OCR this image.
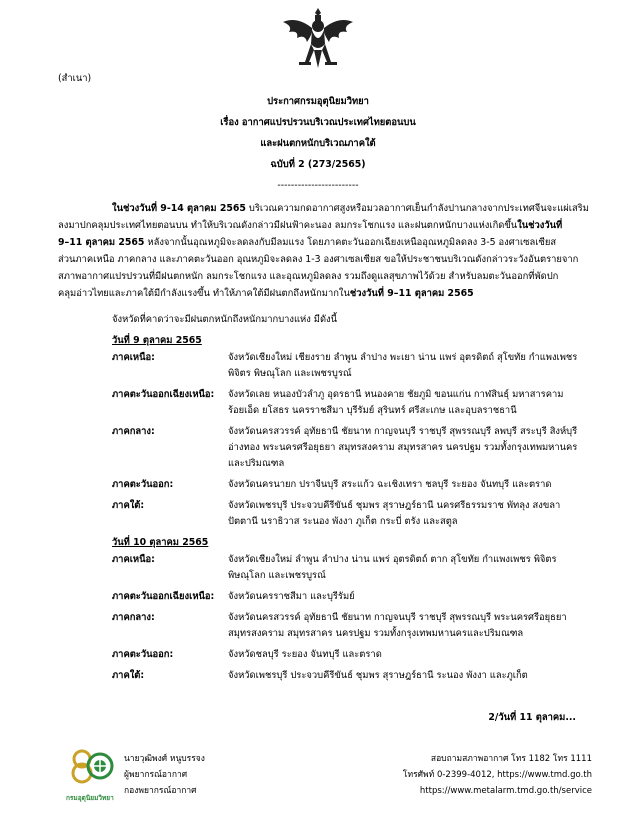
(สำเนา)
ประกาศกรมอุตุนิยมวิทยา
เรื่อง อากาศแปรปรวนบริเวณประเทศไทยตอนบน
และฝนตกหนักบริเวณภาคใต้
ฉบับที่ 2 (273/2565)
------------------------
ในช่วงวันที่ 9-14 ตุลาคม 2565 บริเวณความกดอากาศสูงหรือมวลอากาศเย็นกำลังปานกลางจากประเทศจีนจะแผ่เสริม
ลงมาปกคลุมประเทศไทยตอนบน ทำให้บริเวณดังกล่าวมีฝนฟ้าคะนอง ลมกระโชกแรง และฝนตกหนักบางแห่งเกิดขึ้นในช่วงวันที่
9–11 ตุลาคม 2565 หลังจากนั้นอุณหภูมิจะลดลงกับมีลมแรง โดยภาคตะวันออกเฉียงเหนืออุณหภูมิลดลง 3-5 องศาเซลเซียส
ส่วนภาคเหนือ ภาคกลาง และภาคตะวันออก อุณหภูมิจะลดลง 1-3 องศาเซลเซียส ขอให้ประชาชนบริเวณดังกล่าวระวังอันตรายจาก
สภาพอากาศแปรปรวนที่มีฝนตกหนัก ลมกระโชกแรง และอุณหภูมิลดลง รวมถึงดูแลสุขภาพไว้ด้วย สำหรับลมตะวันออกที่พัดปก
คลุมอ่าวไทยและภาคใต้มีกำลังแรงขึ้น ทำให้ภาคใต้มีฝนตกถึงหนักมากในช่วงวันที่ 9–11 ตุลาคม 2565
จังหวัดที่คาดว่าจะมีฝนตกหนักถึงหนักมากบางแห่ง มีดังนี้
วันที่ 9 ตุลาคม 2565
ภาคเหนือ:	จังหวัดเชียงใหม่ เชียงราย ลำพูน ลำปาง พะเยา น่าน แพร่ อุตรดิตถ์ สุโขทัย กำแพงเพชร
พิจิตร พิษณุโลก และเพชรบูรณ์
ภาคตะวันออกเฉียงเหนือ: จังหวัดเลย หนองบัวลำภู อุดรธานี หนองคาย ชัยภูมิ ขอนแก่น กาฬสินธุ์ มหาสารคาม
ร้อยเอ็ด ยโสธร นครราชสีมา บุรีรัมย์ สุรินทร์ ศรีสะเกษ และอุบลราชธานี
ภาคกลาง:	จังหวัดนครสวรรค์ อุทัยธานี ชัยนาท กาญจนบุรี ราชบุรี สุพรรณบุรี ลพบุรี สระบุรี สิงห์บุรี
อ่างทอง พระนครศรีอยุธยา สมุทรสงคราม สมุทรสาคร นครปฐม รวมทั้งกรุงเทพมหานคร
และปริมณฑล
ภาคตะวันออก:	จังหวัดนครนายก ปราจีนบุรี สระแก้ว ฉะเชิงเทรา ชลบุรี ระยอง จันทบุรี และตราด
ภาคใต้:	จังหวัดเพชรบุรี ประจวบคีรีขันธ์ ชุมพร สุราษฎร์ธานี นครศรีธรรมราช พัทลุง สงขลา
ปัตตานี นราธิวาส ระนอง พังงา ภูเก็ต กระบี่ ตรัง และสตูล
วันที่ 10 ตุลาคม 2565
ภาคเหนือ:	จังหวัดเชียงใหม่ ลำพูน ลำปาง น่าน แพร่ อุตรดิตถ์ ตาก สุโขทัย กำแพงเพชร พิจิตร
พิษณุโลก และเพชรบูรณ์
ภาคตะวันออกเฉียงเหนือ: จังหวัดนครราชสีมา และบุรีรัมย์
ภาคกลาง:	จังหวัดนครสวรรค์ อุทัยธานี ชัยนาท กาญจนบุรี ราชบุรี สุพรรณบุรี พระนครศรีอยุธยา
สมุทรสงคราม สมุทรสาคร นครปฐม รวมทั้งกรุงเทพมหานครและปริมณฑล
ภาคตะวันออก:	จังหวัดชลบุรี ระยอง จันทบุรี และตราด
ภาคใต้:	จังหวัดเพชรบุรี ประจวบคีรีขันธ์ ชุมพร สุราษฎร์ธานี ระนอง พังงา และภูเก็ต
2/วันที่ 11 ตุลาคม...
กรมอุตุนิยมวิทยา
นายวุฒิพงศ์ หนูบรรจง
ผู้พยากรณ์อากาศ
กองพยากรณ์อากาศ
สอบถามสภาพอากาศ โทร 1182 โทร 1111
โทรศัพท์ 0-2399-4012, https://www.tmd.go.th
https://www.metalarm.tmd.go.th/service
